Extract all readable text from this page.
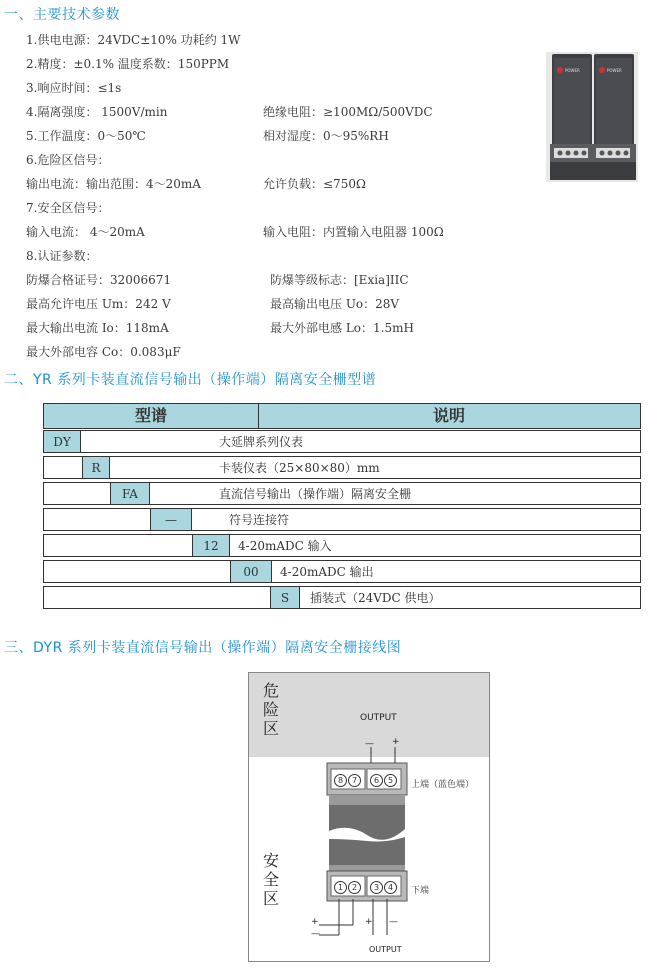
一、主要技术参数
1.供电电源：24VDC±10% 功耗约 1W
2.精度：±0.1% 温度系数：150PPM
3.响应时间：≤1s
4.隔离强度： 1500V/min	绝缘电阻：≥100MΩ/500VDC
5.工作温度：0～50℃	相对湿度：0～95%RH
6.危险区信号：
输出电流：输出范围：4～20mA	允许负载：≤750Ω
7.安全区信号：
输入电流： 4～20mA	输入电阻：内置输入电阻器 100Ω
8.认证参数：
防爆合格证号：32006671	防爆等级标志：[Exia]IIC
最高允许电压 Um：242 V	最高输出电压 Uo：28V
最大输出电流 Io：118mA	最大外部电感 Lo：1.5mH
最大外部电容 Co：0.083μF
POWER	POWER
二、YR 系列卡装直流信号输出（操作端）隔离安全栅型谱
型谱	说明
DY	大延牌系列仪表
R	卡装仪表（25×80×80）mm
FA	直流信号输出（操作端）隔离安全栅
—	符号连接符
12	4-20mADC 输入
00	4-20mADC 输出
S	插装式（24VDC 供电）
三、DYR 系列卡装直流信号输出（操作端）隔离安全栅接线图
危险区
安全区
OUTPUT
— +
8	7	6	5	上端（蓝色端）
1	2	3	4	下端
+
—
+ —
OUTPUT
